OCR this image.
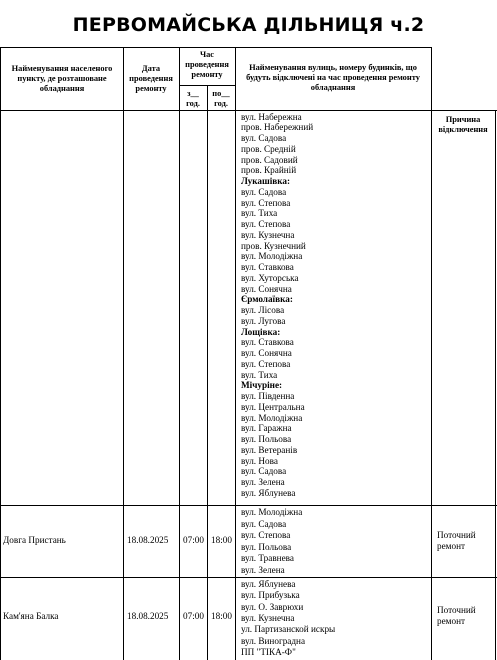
ПЕРВОМАЙСЬКА ДІЛЬНИЦЯ ч.2
Найменування населеного пункту, де розташоване обладнання
Дата проведення ремонту
Час проведення ремонту
з__ год.
по__ год.
Найменування вулиць, номеру будинків, що будуть відключені на час проведення ремонту обладнання
Причина відключення
вул. Набережна
пров. Набережний
вул. Садова
пров. Средній
пров. Садовий
пров. Крайній
Лукашівка:
вул. Садова
вул. Степова
вул. Тиха
вул. Степова
вул. Кузнечна
пров. Кузнечний
вул. Молодіжна
вул. Ставкова
вул. Хуторська
вул. Сонячна
Єрмолаївка:
вул. Лісова
вул. Лугова
Лощівка:
вул. Ставкова
вул. Сонячна
вул. Степова
вул. Тиха
Мічуріне:
вул. Південна
вул. Центральна
вул. Молодіжна
вул. Гаражна
вул. Польова
вул. Ветеранів
вул. Нова
вул. Садова
вул. Зелена
вул. Яблунева
Довга Пристань	18.08.2025 07:00 18:00
вул. Молодіжна
вул. Садова
вул. Степова
вул. Польова
вул. Травнева
вул. Зелена
Поточний
ремонт
Кам'яна Балка	18.08.2025 07:00 18:00
вул. Яблунева
вул. Прибузька
вул. О. Заврюхи
вул. Кузнечна
ул. Партизанской искры
вул. Виноградна
ПП "ТІКА-Ф"
Поточний
ремонт
